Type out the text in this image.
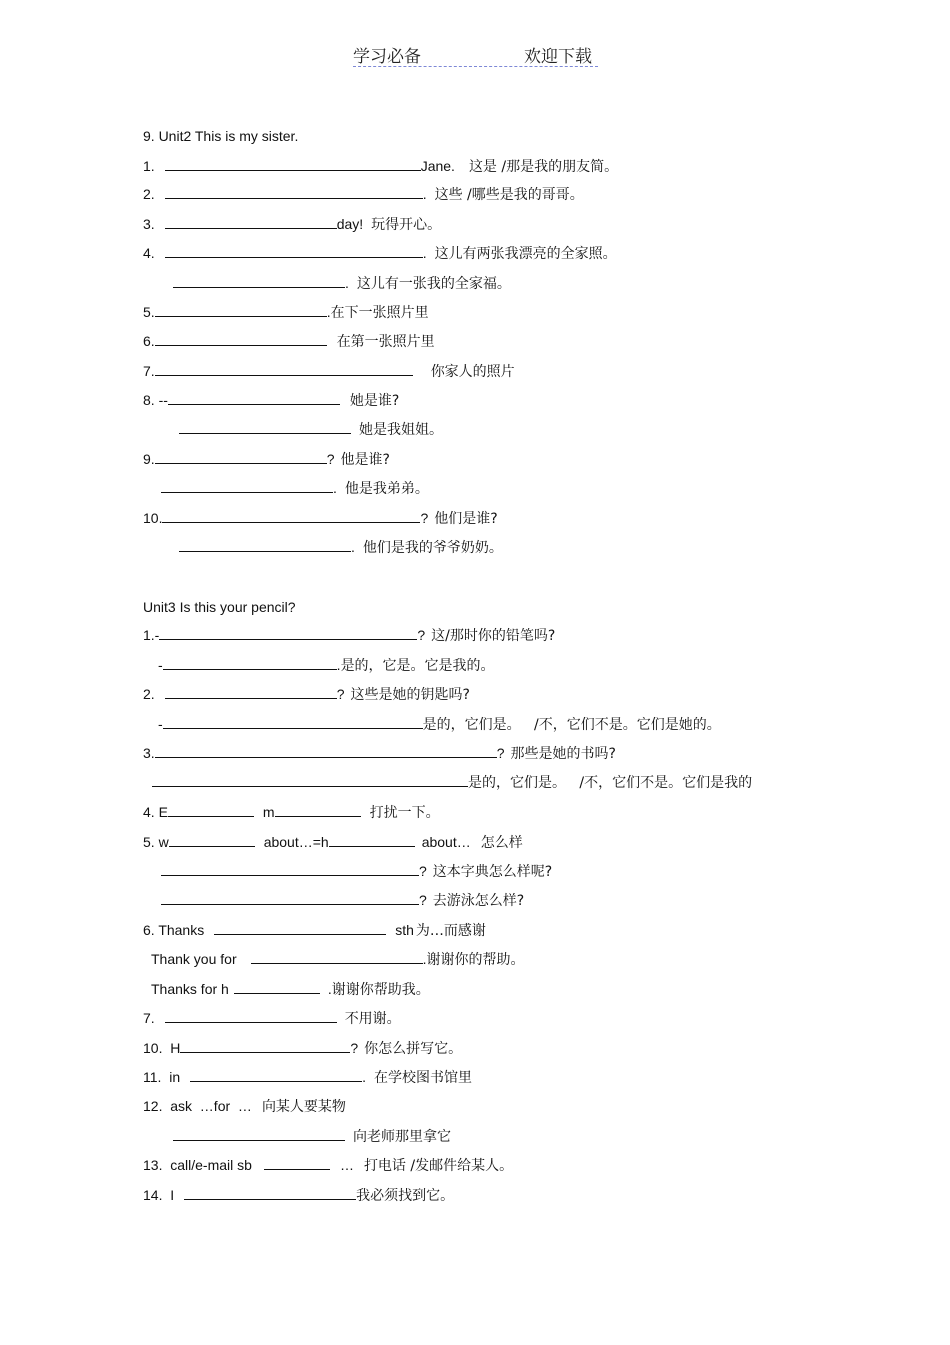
学习必备	欢迎下载
9. Unit2 This is my sister.
1.	Jane. 这是 /那是我的朋友简。
2.	. 这些 /哪些是我的哥哥。
3.	day! 玩得开心。
4.	. 这儿有两张我漂亮的全家照。
. 这儿有一张我的全家福。
5.	.在下一张照片里
6.	在第一张照片里
7.	你家人的照片
8. --	她是谁?
她是我姐姐。
9.	? 他是谁?
. 他是我弟弟。
10.	? 他们是谁?
. 他们是我的爷爷奶奶。
Unit3 Is this your pencil?
1.-	? 这/那时你的铅笔吗?
-	.是的，它是。它是我的。
2.	? 这些是她的钥匙吗?
-	是的，它们是。   /不，它们不是。它们是她的。
3.	? 那些是她的书吗?
是的，它们是。   /不，它们不是。它们是我的
4. E	m	打扰一下。
5. w	about…=h	about… 怎么样
? 这本字典怎么样呢?
? 去游泳怎么样?
6. Thanks	sth 为…而感谢
Thank you for	.谢谢你的帮助。
Thanks for h	.谢谢你帮助我。
7.	不用谢。
10.  H	? 你怎么拼写它。
11.  in	. 在学校图书馆里
12.  ask  …for  … 向某人要某物
向老师那里拿它
13.  call/e-mail sb	… 打电话 /发邮件给某人。
14.  I	我必须找到它。
